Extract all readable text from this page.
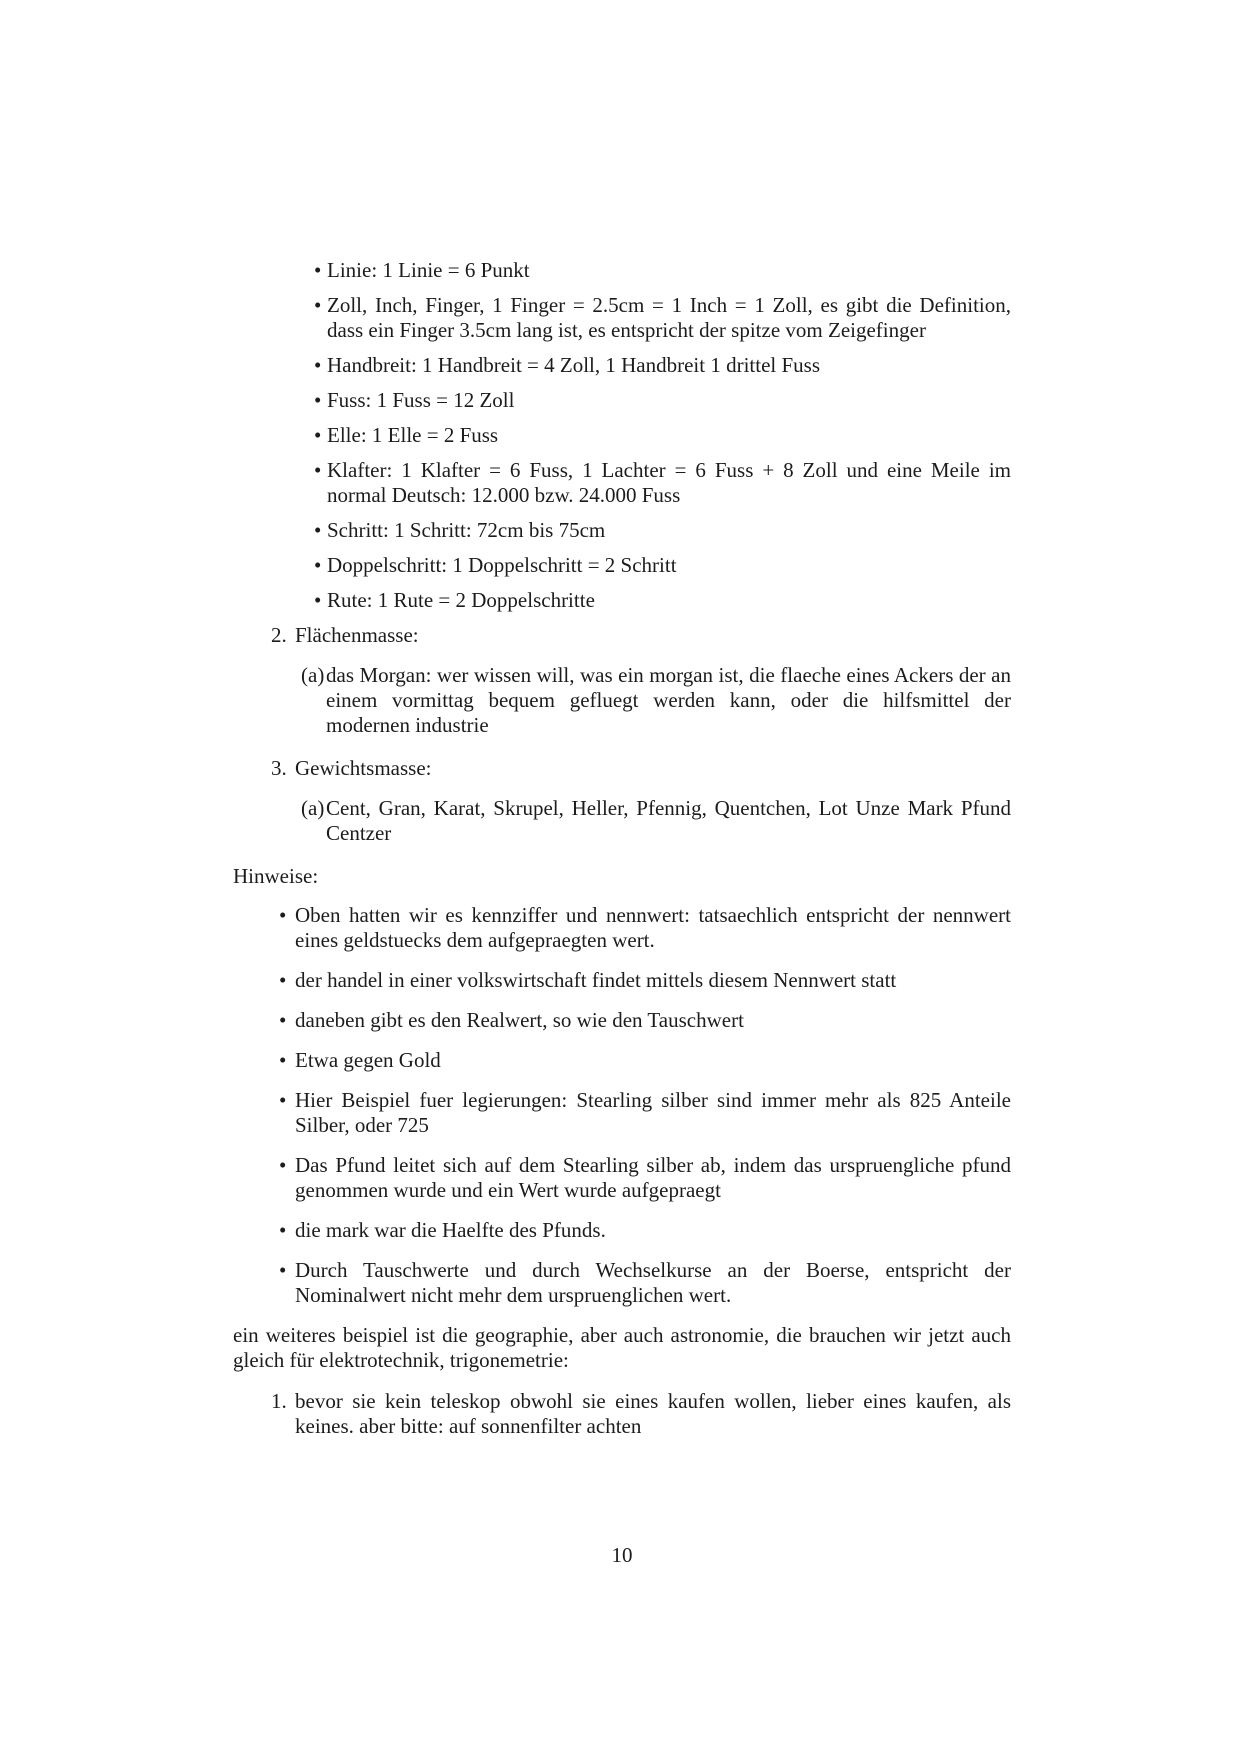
• Linie: 1 Linie = 6 Punkt
• Zoll, Inch, Finger, 1 Finger = 2.5cm = 1 Inch = 1 Zoll, es gibt die Definition, dass ein Finger 3.5cm lang ist, es entspricht der spitze vom Zeigefinger
• Handbreit: 1 Handbreit = 4 Zoll, 1 Handbreit 1 drittel Fuss
• Fuss: 1 Fuss = 12 Zoll
• Elle: 1 Elle = 2 Fuss
• Klafter: 1 Klafter = 6 Fuss, 1 Lachter = 6 Fuss + 8 Zoll und eine Meile im normal Deutsch: 12.000 bzw. 24.000 Fuss
• Schritt: 1 Schritt: 72cm bis 75cm
• Doppelschritt: 1 Doppelschritt = 2 Schritt
• Rute: 1 Rute = 2 Doppelschritte
2. Flächenmasse:
(a) das Morgan: wer wissen will, was ein morgan ist, die flaeche eines Ackers der an einem vormittag bequem gefluegt werden kann, oder die hilfsmittel der modernen industrie
3. Gewichtsmasse:
(a) Cent, Gran, Karat, Skrupel, Heller, Pfennig, Quentchen, Lot Unze Mark Pfund Centzer
Hinweise:
• Oben hatten wir es kennziffer und nennwert: tatsaechlich entspricht der nennwert eines geldstuecks dem aufgepraegten wert.
• der handel in einer volkswirtschaft findet mittels diesem Nennwert statt
• daneben gibt es den Realwert, so wie den Tauschwert
• Etwa gegen Gold
• Hier Beispiel fuer legierungen: Stearling silber sind immer mehr als 825 Anteile Silber, oder 725
• Das Pfund leitet sich auf dem Stearling silber ab, indem das urspruengliche pfund genommen wurde und ein Wert wurde aufgepraegt
• die mark war die Haelfte des Pfunds.
• Durch Tauschwerte und durch Wechselkurse an der Boerse, entspricht der Nominalwert nicht mehr dem urspruenglichen wert.
ein weiteres beispiel ist die geographie, aber auch astronomie, die brauchen wir jetzt auch gleich für elektrotechnik, trigonemetrie:
1. bevor sie kein teleskop obwohl sie eines kaufen wollen, lieber eines kaufen, als keines. aber bitte: auf sonnenfilter achten
10
